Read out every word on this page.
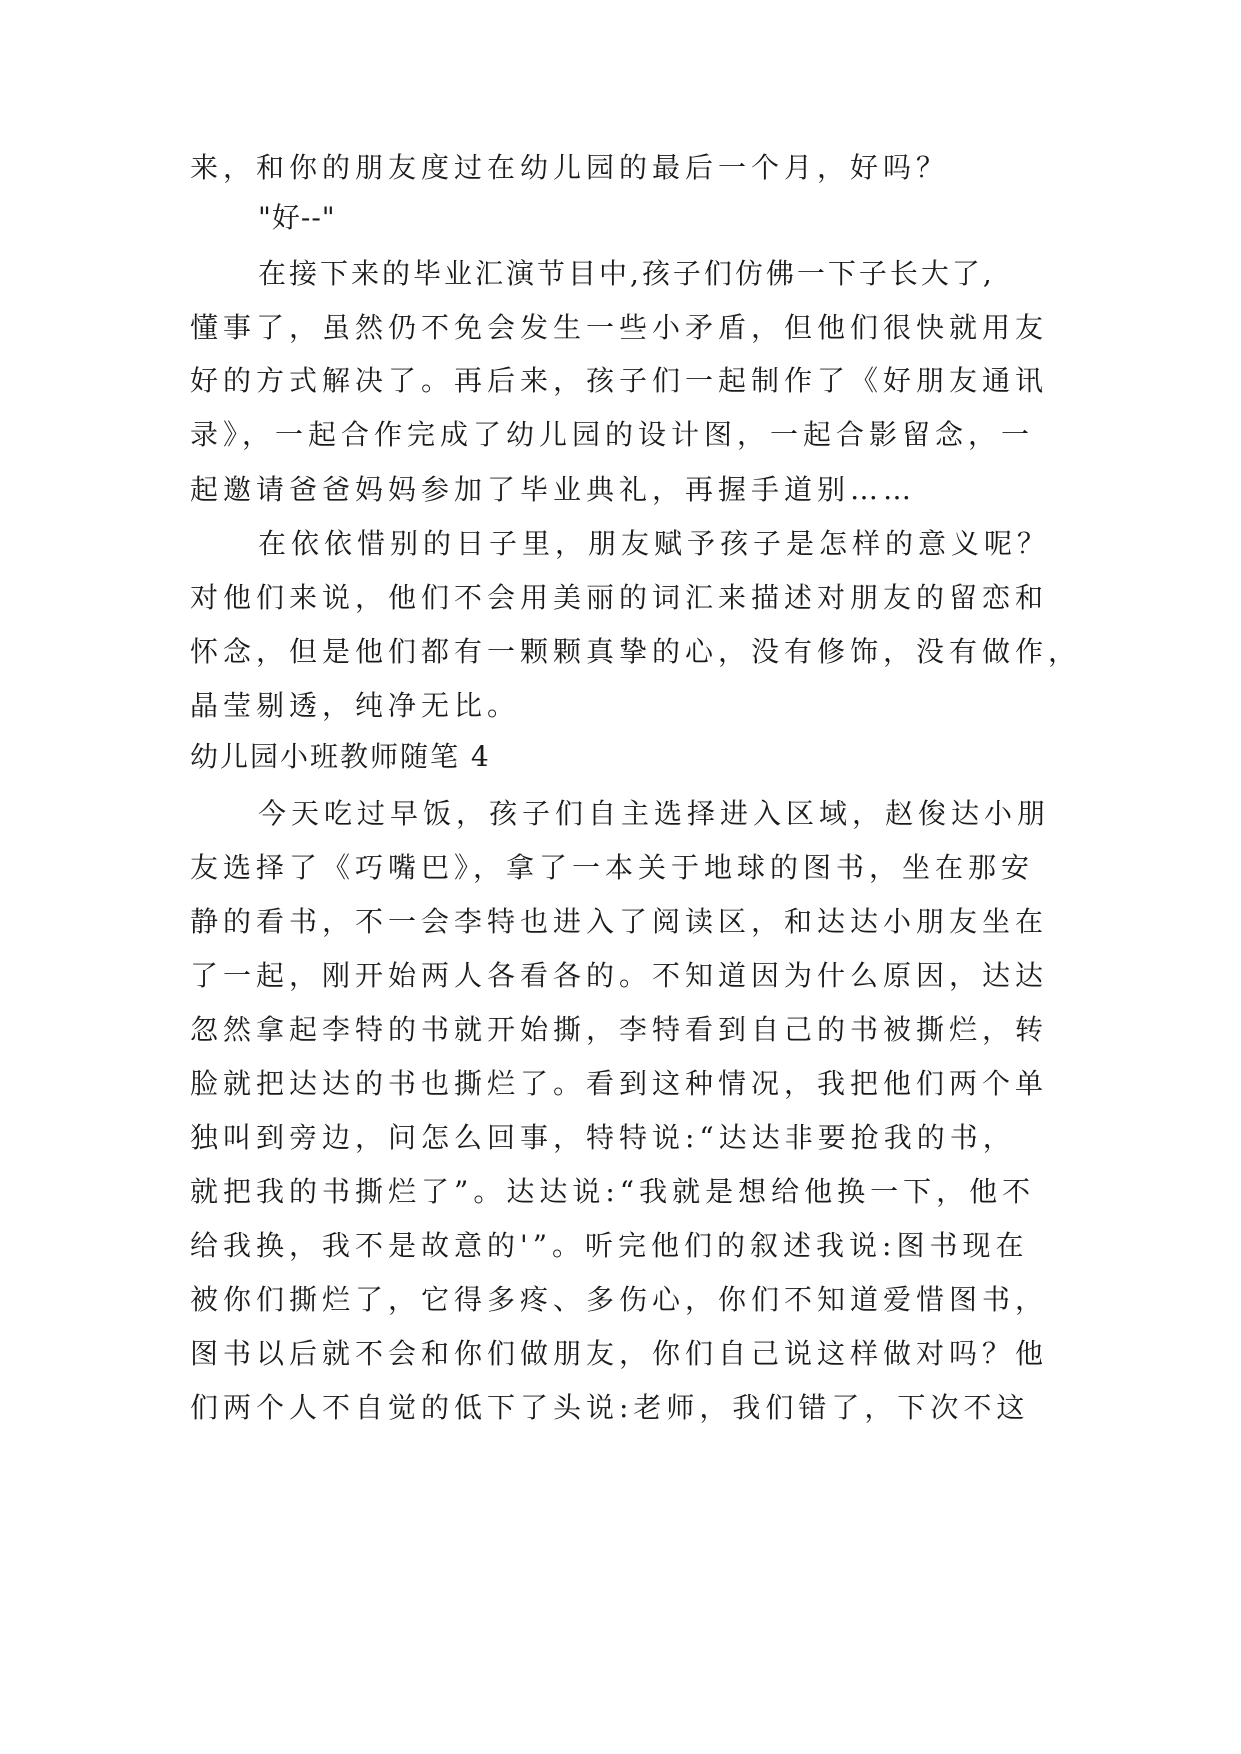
来，和你的朋友度过在幼儿园的最后一个月，好吗？
"好--"
在接下来的毕业汇演节目中,孩子们仿佛一下子长大了,
懂事了，虽然仍不免会发生一些小矛盾，但他们很快就用友
好的方式解决了。再后来，孩子们一起制作了《好朋友通讯
录》，一起合作完成了幼儿园的设计图，一起合影留念，一
起邀请爸爸妈妈参加了毕业典礼，再握手道别……
在依依惜别的日子里，朋友赋予孩子是怎样的意义呢？
对他们来说，他们不会用美丽的词汇来描述对朋友的留恋和
怀念，但是他们都有一颗颗真挚的心，没有修饰，没有做作，
晶莹剔透，纯净无比。
幼儿园小班教师随笔 4
今天吃过早饭，孩子们自主选择进入区域，赵俊达小朋
友选择了《巧嘴巴》，拿了一本关于地球的图书，坐在那安
静的看书，不一会李特也进入了阅读区，和达达小朋友坐在
了一起，刚开始两人各看各的。不知道因为什么原因，达达
忽然拿起李特的书就开始撕，李特看到自己的书被撕烂，转
脸就把达达的书也撕烂了。看到这种情况，我把他们两个单
独叫到旁边，问怎么回事，特特说:“达达非要抢我的书，
就把我的书撕烂了”。达达说:“我就是想给他换一下，他不
给我换，我不是故意的'”。听完他们的叙述我说:图书现在
被你们撕烂了，它得多疼、多伤心，你们不知道爱惜图书，
图书以后就不会和你们做朋友，你们自己说这样做对吗？他
们两个人不自觉的低下了头说:老师，我们错了，下次不这
